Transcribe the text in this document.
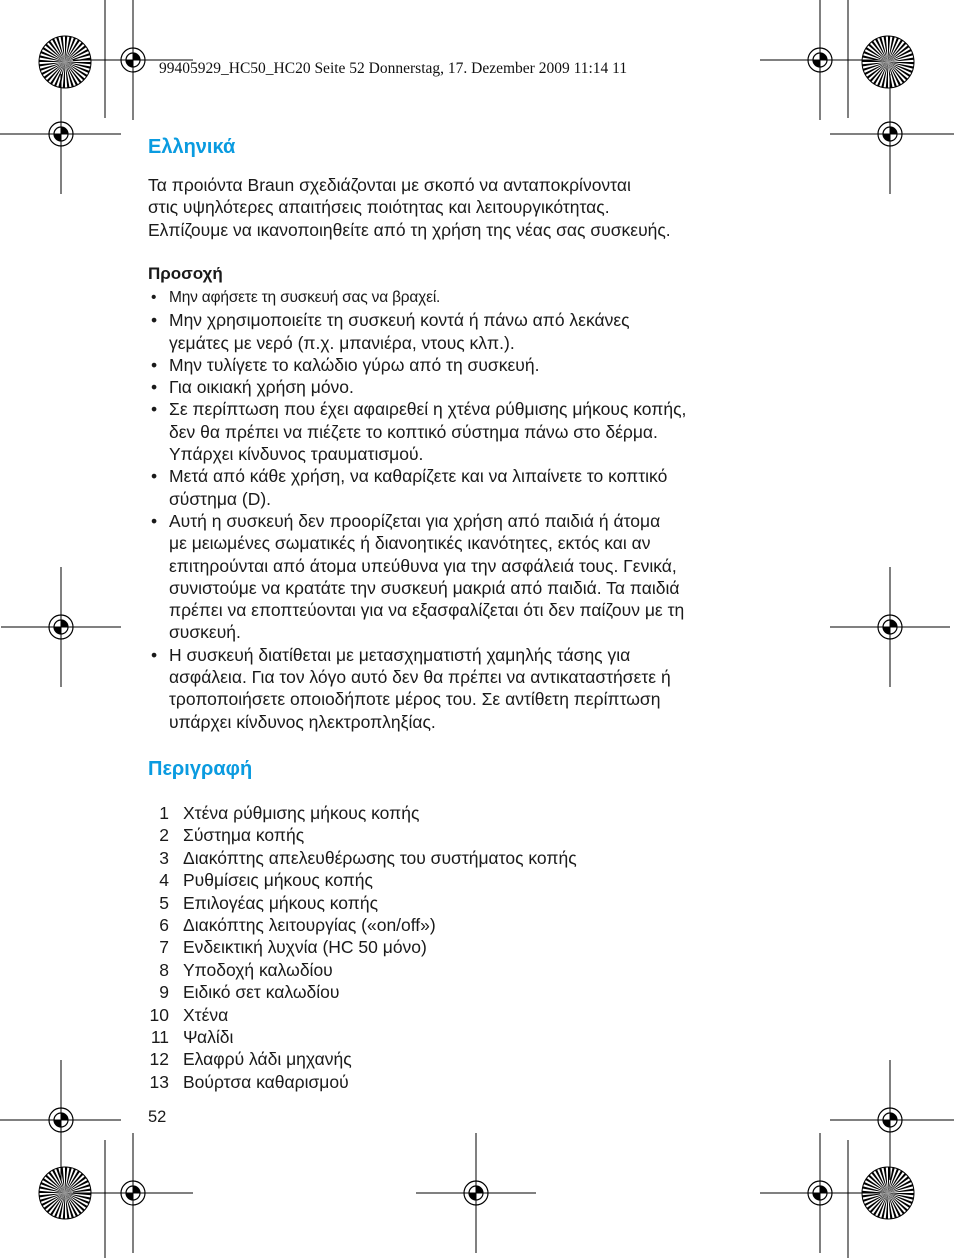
99405929_HC50_HC20 Seite 52 Donnerstag, 17. Dezember 2009 11:14 11
Ελληνικά
Τα προιόντα Braun σχεδιάζονται με σκοπό να ανταποκρίνονται
στις υψηλότερες απαιτήσεις ποιότητας και λειτουργικότητας.
Ελπίζουμε να ικανοποιηθείτε από τη χρήση της νέας σας συσκευής.
Προσοχή
• Μην αφήσετε τη συσκευή σας να βραχεί.
• Μην χρησιμοποιείτε τη συσκευή κοντά ή πάνω από λεκάνες
γεμάτες με νερό (π.χ. μπανιέρα, ντους κλπ.).
• Μην τυλίγετε το καλώδιο γύρω από τη συσκευή.
• Για οικιακή χρήση μόνο.
• Σε περίπτωση που έχει αφαιρεθεί η χτένα ρύθμισης μήκους κοπής,
δεν θα πρέπει να πιέζετε το κοπτικό σύστημα πάνω στο δέρμα.
Υπάρχει κίνδυνος τραυματισμού.
• Μετά από κάθε χρήση, να καθαρίζετε και να λιπαίνετε το κοπτικό
σύστημα (D).
• Αυτή η συσκευή δεν προορίζεται για χρήση από παιδιά ή άτομα
με μειωμένες σωματικές ή διανοητικές ικανότητες, εκτός και αν
επιτηρούνται από άτομα υπεύθυνα για την ασφάλειά τους. Γενικά,
συνιστούμε να κρατάτε την συσκευή μακριά από παιδιά. Τα παιδιά
πρέπει να εποπτεύονται για να εξασφαλίζεται ότι δεν παίζουν με τη
συσκευή.
• Η συσκευή διατίθεται με μετασχηματιστή χαμηλής τάσης για
ασφάλεια. Για τον λόγο αυτό δεν θα πρέπει να αντικαταστήσετε ή
τροποποιήσετε οποιοδήποτε μέρος του. Σε αντίθετη περίπτωση
υπάρχει κίνδυνος ηλεκτροπληξίας.
Περιγραφή
1 Χτένα ρύθμισης μήκους κοπής
2 Σύστημα κοπής
3 Διακόπτης απελευθέρωσης του συστήματος κοπής
4 Ρυθμίσεις μήκους κοπής
5 Επιλογέας μήκους κοπής
6 Διακόπτης λειτουργίας («on/off»)
7 Ενδεικτική λυχνία (HC 50 μόνο)
8 Υποδοχή καλωδίου
9 Ειδικό σετ καλωδίου
10 Χτένα
11 Ψαλίδι
12 Ελαφρύ λάδι μηχανής
13 Βούρτσα καθαρισμού
52
